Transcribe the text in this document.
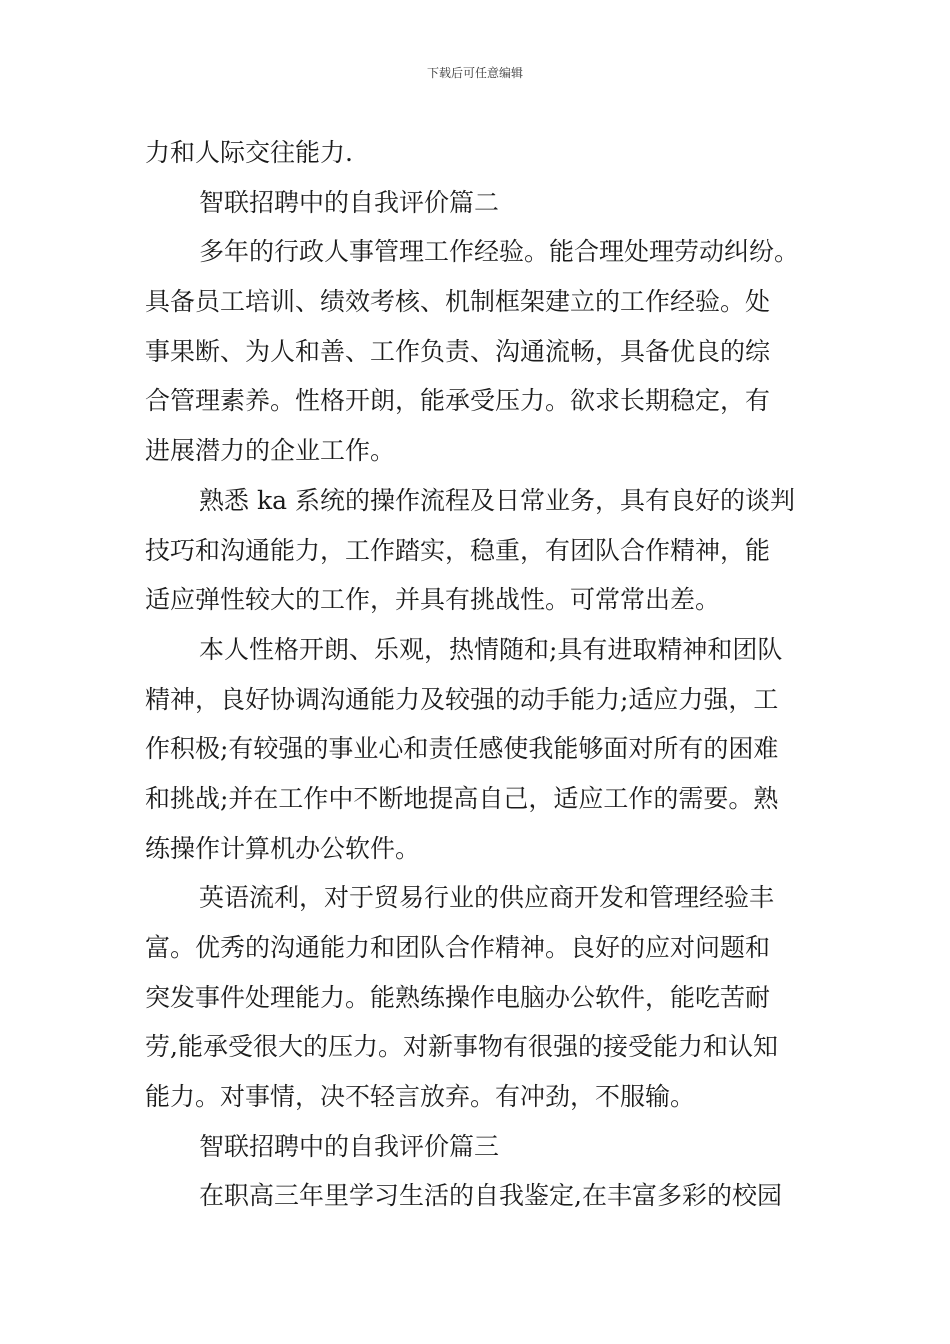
下载后可任意编辑
力和人际交往能力.
智联招聘中的自我评价篇二
多年的行政人事管理工作经验。能合理处理劳动纠纷。
具备员工培训、绩效考核、机制框架建立的工作经验。处
事果断、为人和善、工作负责、沟通流畅，具备优良的综
合管理素养。性格开朗，能承受压力。欲求长期稳定，有
进展潜力的企业工作。
熟悉 ka 系统的操作流程及日常业务，具有良好的谈判
技巧和沟通能力，工作踏实，稳重，有团队合作精神，能
适应弹性较大的工作，并具有挑战性。可常常出差。
本人性格开朗、乐观，热情随和;具有进取精神和团队
精神，良好协调沟通能力及较强的动手能力;适应力强，工
作积极;有较强的事业心和责任感使我能够面对所有的困难
和挑战;并在工作中不断地提高自己，适应工作的需要。熟
练操作计算机办公软件。
英语流利，对于贸易行业的供应商开发和管理经验丰
富。优秀的沟通能力和团队合作精神。良好的应对问题和
突发事件处理能力。能熟练操作电脑办公软件，能吃苦耐
劳,能承受很大的压力。对新事物有很强的接受能力和认知
能力。对事情，决不轻言放弃。有冲劲，不服输。
智联招聘中的自我评价篇三
在职高三年里学习生活的自我鉴定,在丰富多彩的校园
